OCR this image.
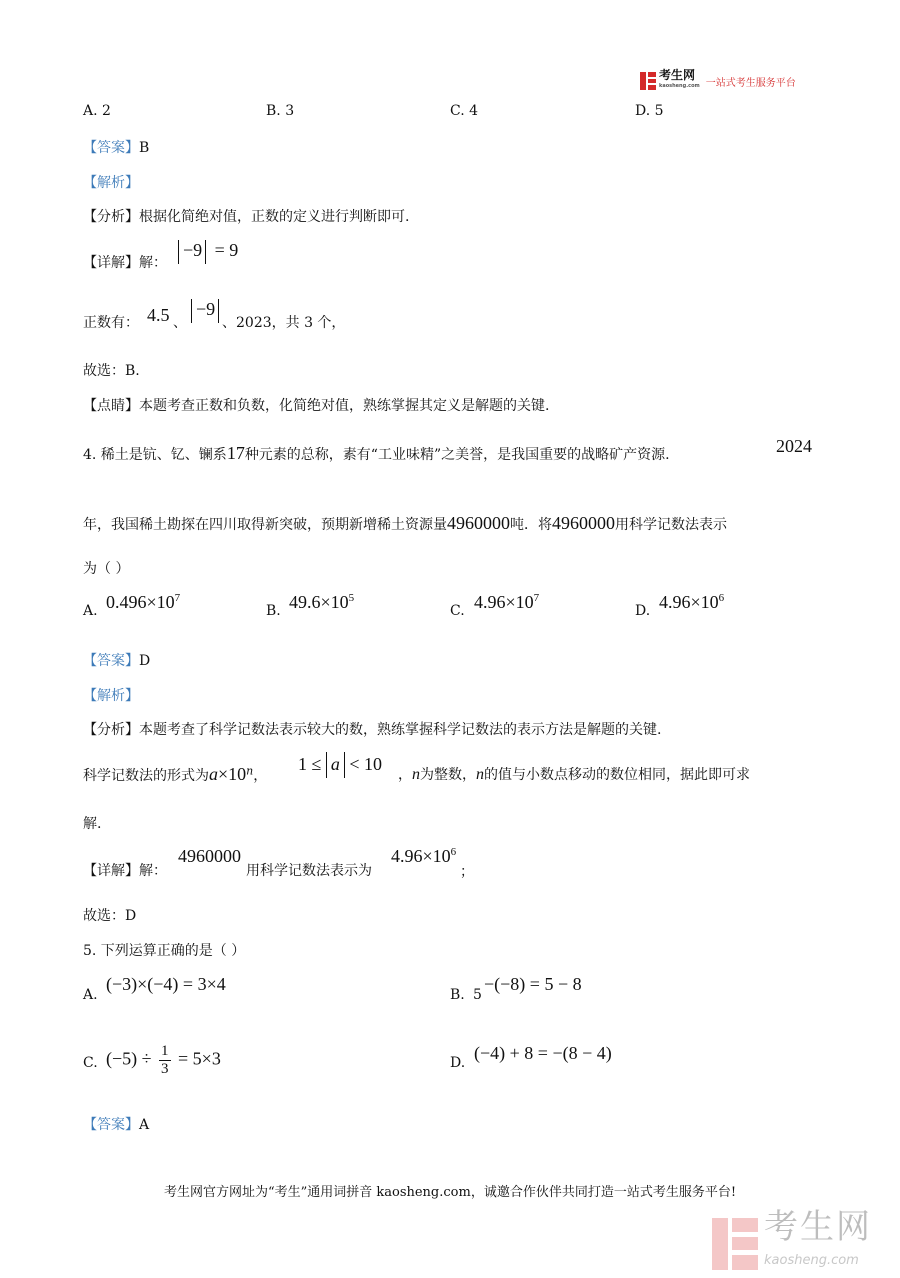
考生网
kaosheng.com 一站式考生服务平台
A. 2	B. 3	C. 4	D. 5
【答案】B
【解析】
【分析】根据化简绝对值，正数的定义进行判断即可.
【详解】解：
−9 = 9
正数有： 4.5 、
−9
、2023，共 3 个，
故选：B.
【点睛】本题考查正数和负数，化简绝对值，熟练掌握其定义是解题的关键.
4. 稀土是钪、钇、镧系17种元素的总称，素有“工业味精”之美誉，是我国重要的战略矿产资源.	2024
年，我国稀土勘探在四川取得新突破，预期新增稀土资源量4960000吨．将4960000用科学记数法表示
为（ ）
A. $0.496\times 10^7$
B. $49.6\times 10^5$
C. $4.96\times 10^7$
D. $4.96\times 10^6$
【答案】D
【解析】
【分析】本题考查了科学记数法表示较大的数，熟练掌握科学记数法的表示方法是解题的关键.
科学记数法的形式为$a\times 10^n$，
1 ≤ a < 10
，n为整数，n的值与小数点移动的数位相同，据此即可求
解.
【详解】解：
4960000
用科学记数法表示为
$4.96\times 10^6$
；
故选：D
5. 下列运算正确的是（ ）
A.
(−3)×(−4) = 3×4
B. 5
−(−8) = 5 − 8
C. $(-5) \div \frac{1}{3} = 5\times 3$	D. (−4) + 8 = −(8 − 4)
【答案】A
考生网官方网址为“考生”通用词拼音 kaosheng.com，诚邀合作伙伴共同打造一站式考生服务平台!
考生网
kaosheng.com
